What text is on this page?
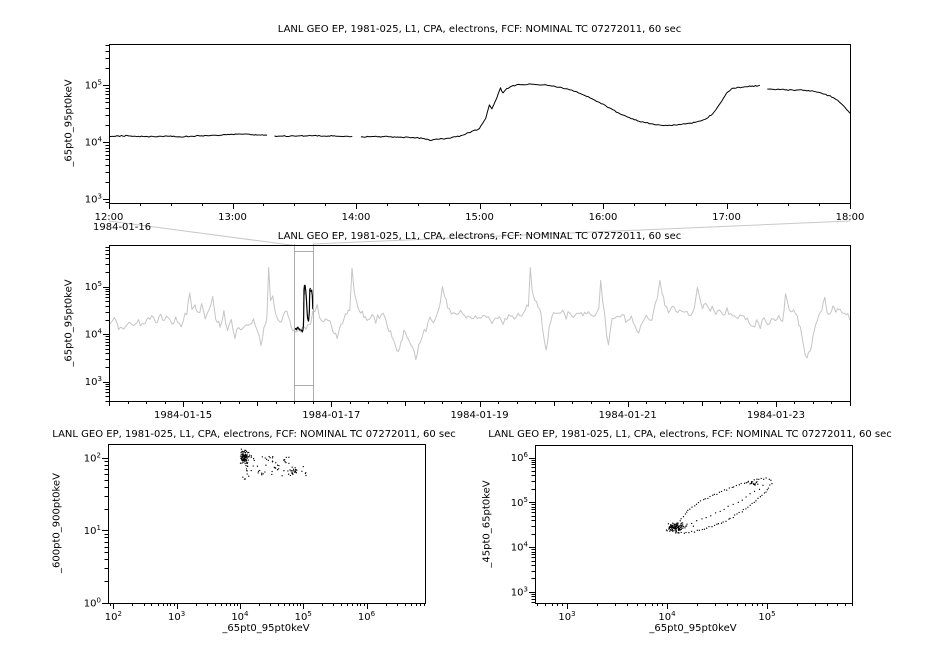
12:00	13:00	14:00	15:00	16:00	17:00	18:00
$10^3$
$10^4$
$10^5$
1984-01-15	1984-01-17	1984-01-19	1984-01-21	1984-01-23
$10^3$
$10^4$
$10^5$
$10^2$	$10^3$	$10^4$	$10^5$	$10^6$
$10^0$
$10^1$
$10^2$
$10^3$	$10^4$	$10^5$
$10^3$
$10^4$
$10^5$
$10^6$
LANL GEO EP, 1981-025, L1, CPA, electrons, FCF: NOMINAL TC 07272011, 60 sec
LANL GEO EP, 1981-025, L1, CPA, electrons, FCF: NOMINAL TC 07272011, 60 sec
LANL GEO EP, 1981-025, L1, CPA, electrons, FCF: NOMINAL TC 07272011, 60 sec	LANL GEO EP, 1981-025, L1, CPA, electrons, FCF: NOMINAL TC 07272011, 60 sec
_65pt0_95pt0keV
_65pt0_95pt0keV
_600pt0_900pt0keV	_45pt0_65pt0keV
_65pt0_95pt0keV	_65pt0_95pt0keV
1984-01-16
